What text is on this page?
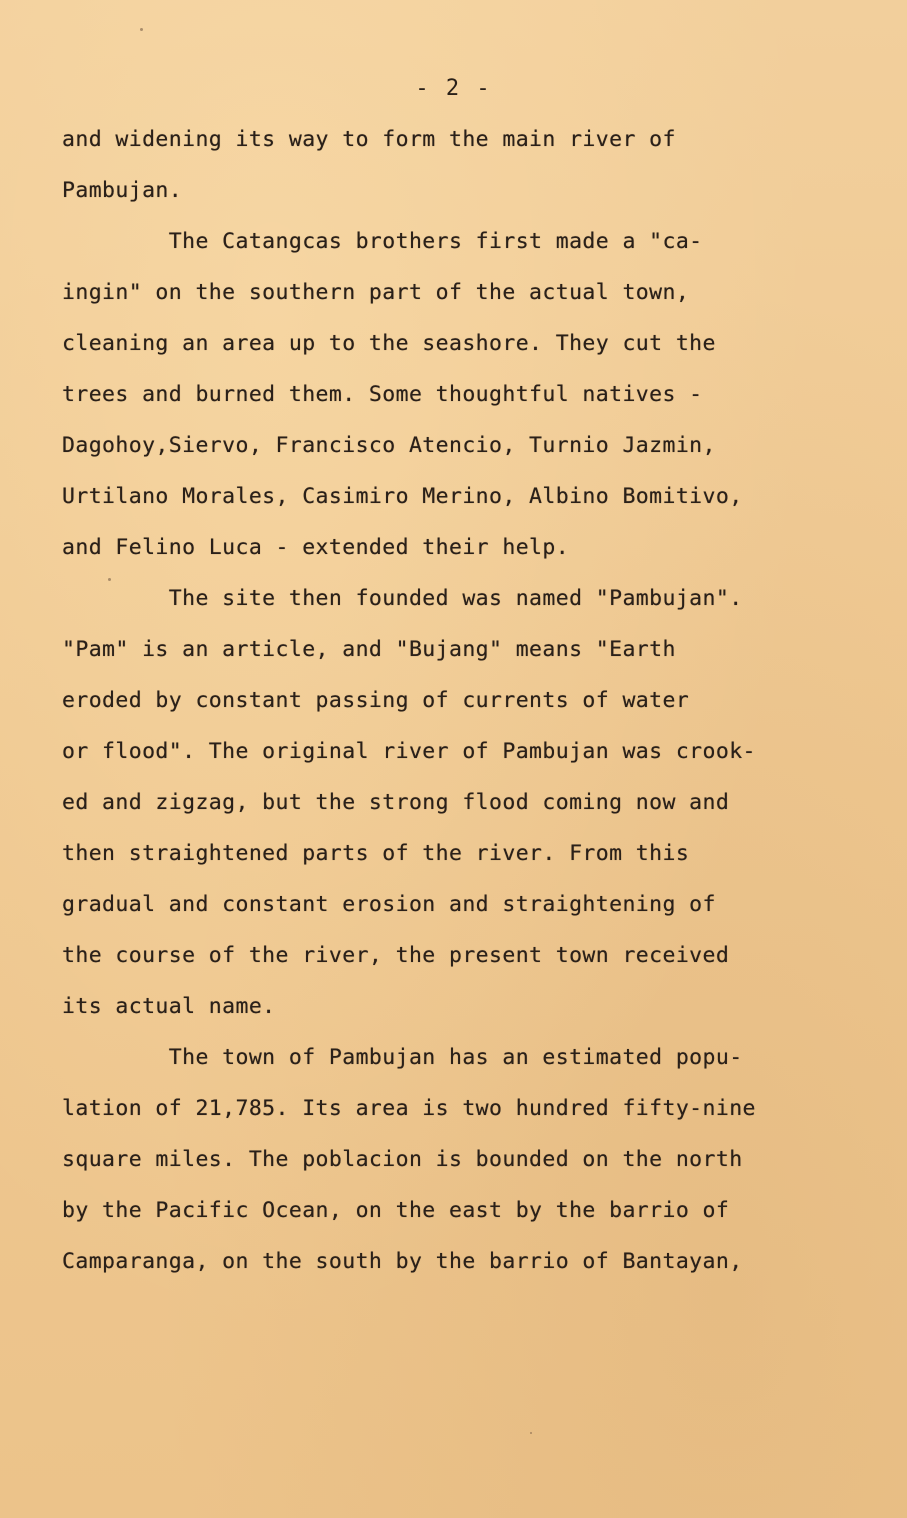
- 2 -
and widening its way to form the main river of
Pambujan.
The Catangcas brothers first made a "ca-
ingin" on the southern part of the actual town,
cleaning an area up to the seashore. They cut the
trees and burned them. Some thoughtful natives -
Dagohoy,Siervo, Francisco Atencio, Turnio Jazmin,
Urtilano Morales, Casimiro Merino, Albino Bomitivo,
and Felino Luca - extended their help.
The site then founded was named "Pambujan".
"Pam" is an article, and "Bujang" means "Earth
eroded by constant passing of currents of water
or flood". The original river of Pambujan was crook-
ed and zigzag, but the strong flood coming now and
then straightened parts of the river. From this
gradual and constant erosion and straightening of
the course of the river, the present town received
its actual name.
The town of Pambujan has an estimated popu-
lation of 21,785. Its area is two hundred fifty-nine
square miles. The poblacion is bounded on the north
by the Pacific Ocean, on the east by the barrio of
Camparanga, on the south by the barrio of Bantayan,
